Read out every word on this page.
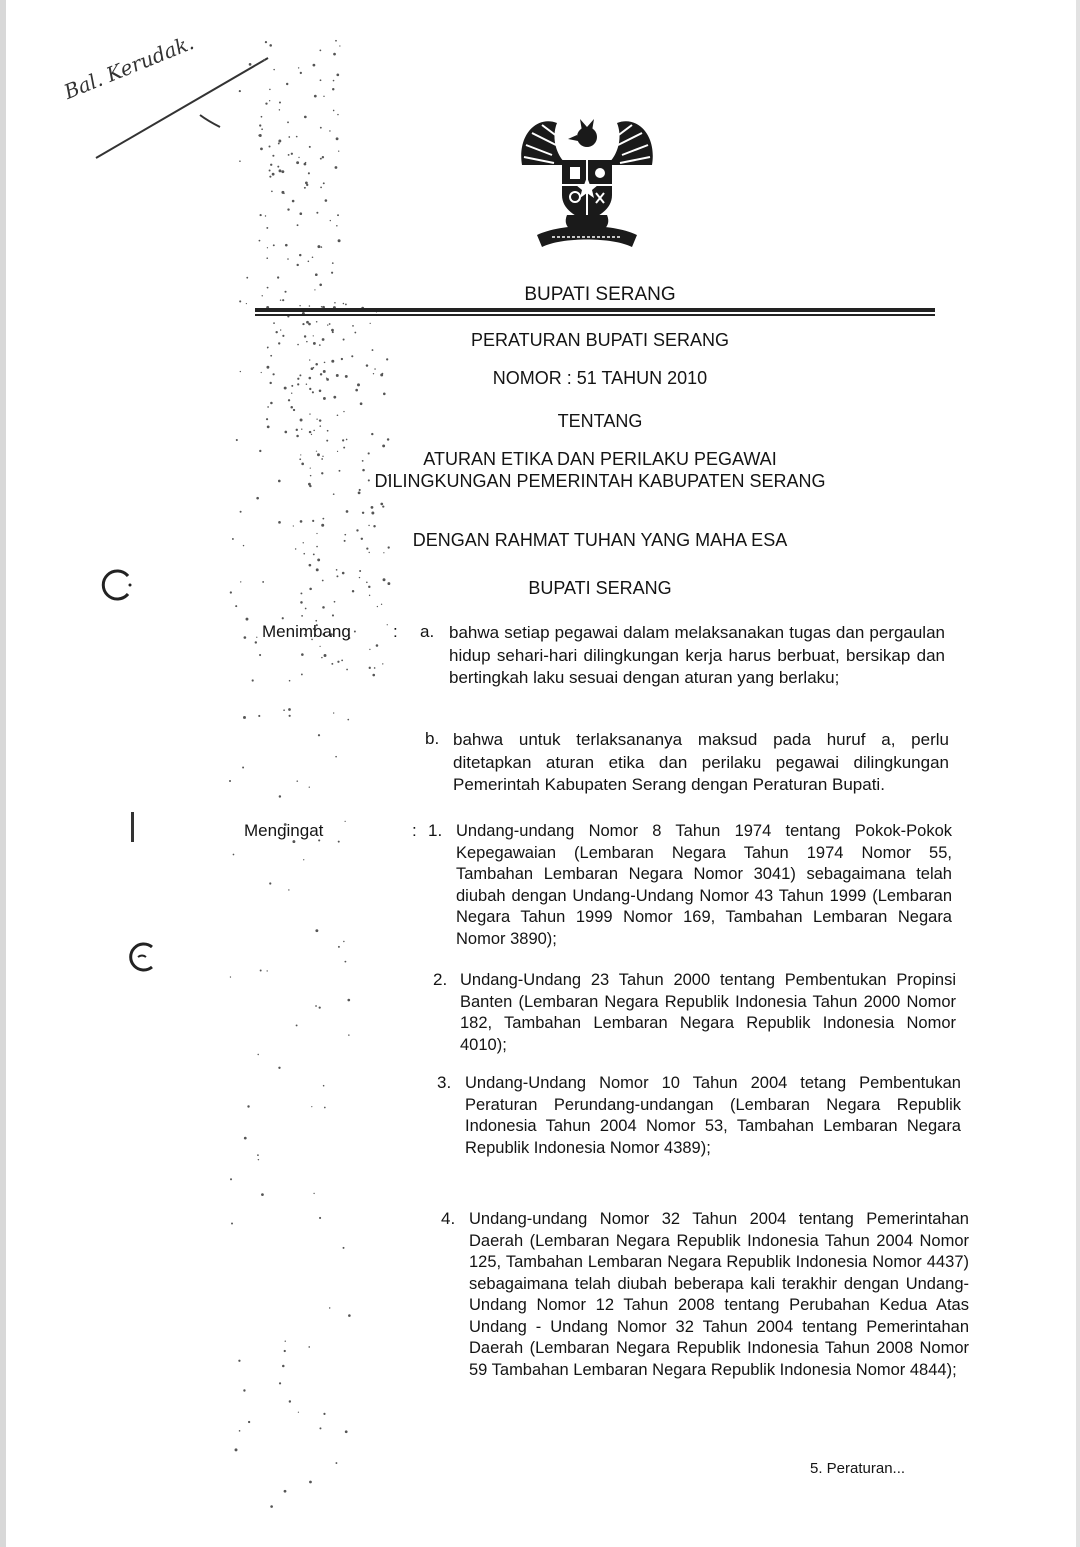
Bal. Kerudak.
BUPATI SERANG
PERATURAN BUPATI SERANG
NOMOR : 51 TAHUN 2010
TENTANG
ATURAN ETIKA DAN PERILAKU PEGAWAI
DILINGKUNGAN PEMERINTAH KABUPATEN SERANG
DENGAN RAHMAT TUHAN YANG MAHA ESA
BUPATI SERANG
Menimbang : a. bahwa setiap pegawai dalam melaksanakan tugas dan pergaulan hidup sehari-hari dilingkungan kerja harus berbuat, bersikap dan bertingkah laku sesuai dengan aturan yang berlaku;

b. bahwa untuk terlaksananya maksud pada huruf a, perlu ditetapkan aturan etika dan perilaku pegawai dilingkungan Pemerintah Kabupaten Serang dengan Peraturan Bupati.

Mengingat	: 1. Undang-undang Nomor 8 Tahun 1974 tentang Pokok-Pokok Kepegawaian (Lembaran Negara Tahun 1974 Nomor 55, Tambahan Lembaran Negara Nomor 3041) sebagaimana telah diubah dengan Undang-Undang Nomor 43 Tahun 1999 (Lembaran Negara Tahun 1999 Nomor 169, Tambahan Lembaran Negara Nomor 3890);

2. Undang-Undang 23 Tahun 2000 tentang Pembentukan Propinsi Banten (Lembaran Negara Republik Indonesia Tahun 2000 Nomor 182, Tambahan Lembaran Negara Republik Indonesia Nomor 4010);

3. Undang-Undang Nomor 10 Tahun 2004 tetang Pembentukan Peraturan Perundang-undangan (Lembaran Negara Republik Indonesia Tahun 2004 Nomor 53, Tambahan Lembaran Negara Republik Indonesia Nomor 4389);

4. Undang-undang Nomor 32 Tahun 2004 tentang Pemerintahan Daerah (Lembaran Negara Republik Indonesia Tahun 2004 Nomor 125, Tambahan Lembaran Negara Republik Indonesia Nomor 4437) sebagaimana telah diubah beberapa kali terakhir dengan Undang-Undang Nomor 12 Tahun 2008 tentang Perubahan Kedua Atas Undang - Undang Nomor 32 Tahun 2004 tentang Pemerintahan Daerah (Lembaran Negara Republik Indonesia Tahun 2008 Nomor 59 Tambahan Lembaran Negara Republik Indonesia Nomor 4844);

5. Peraturan...
